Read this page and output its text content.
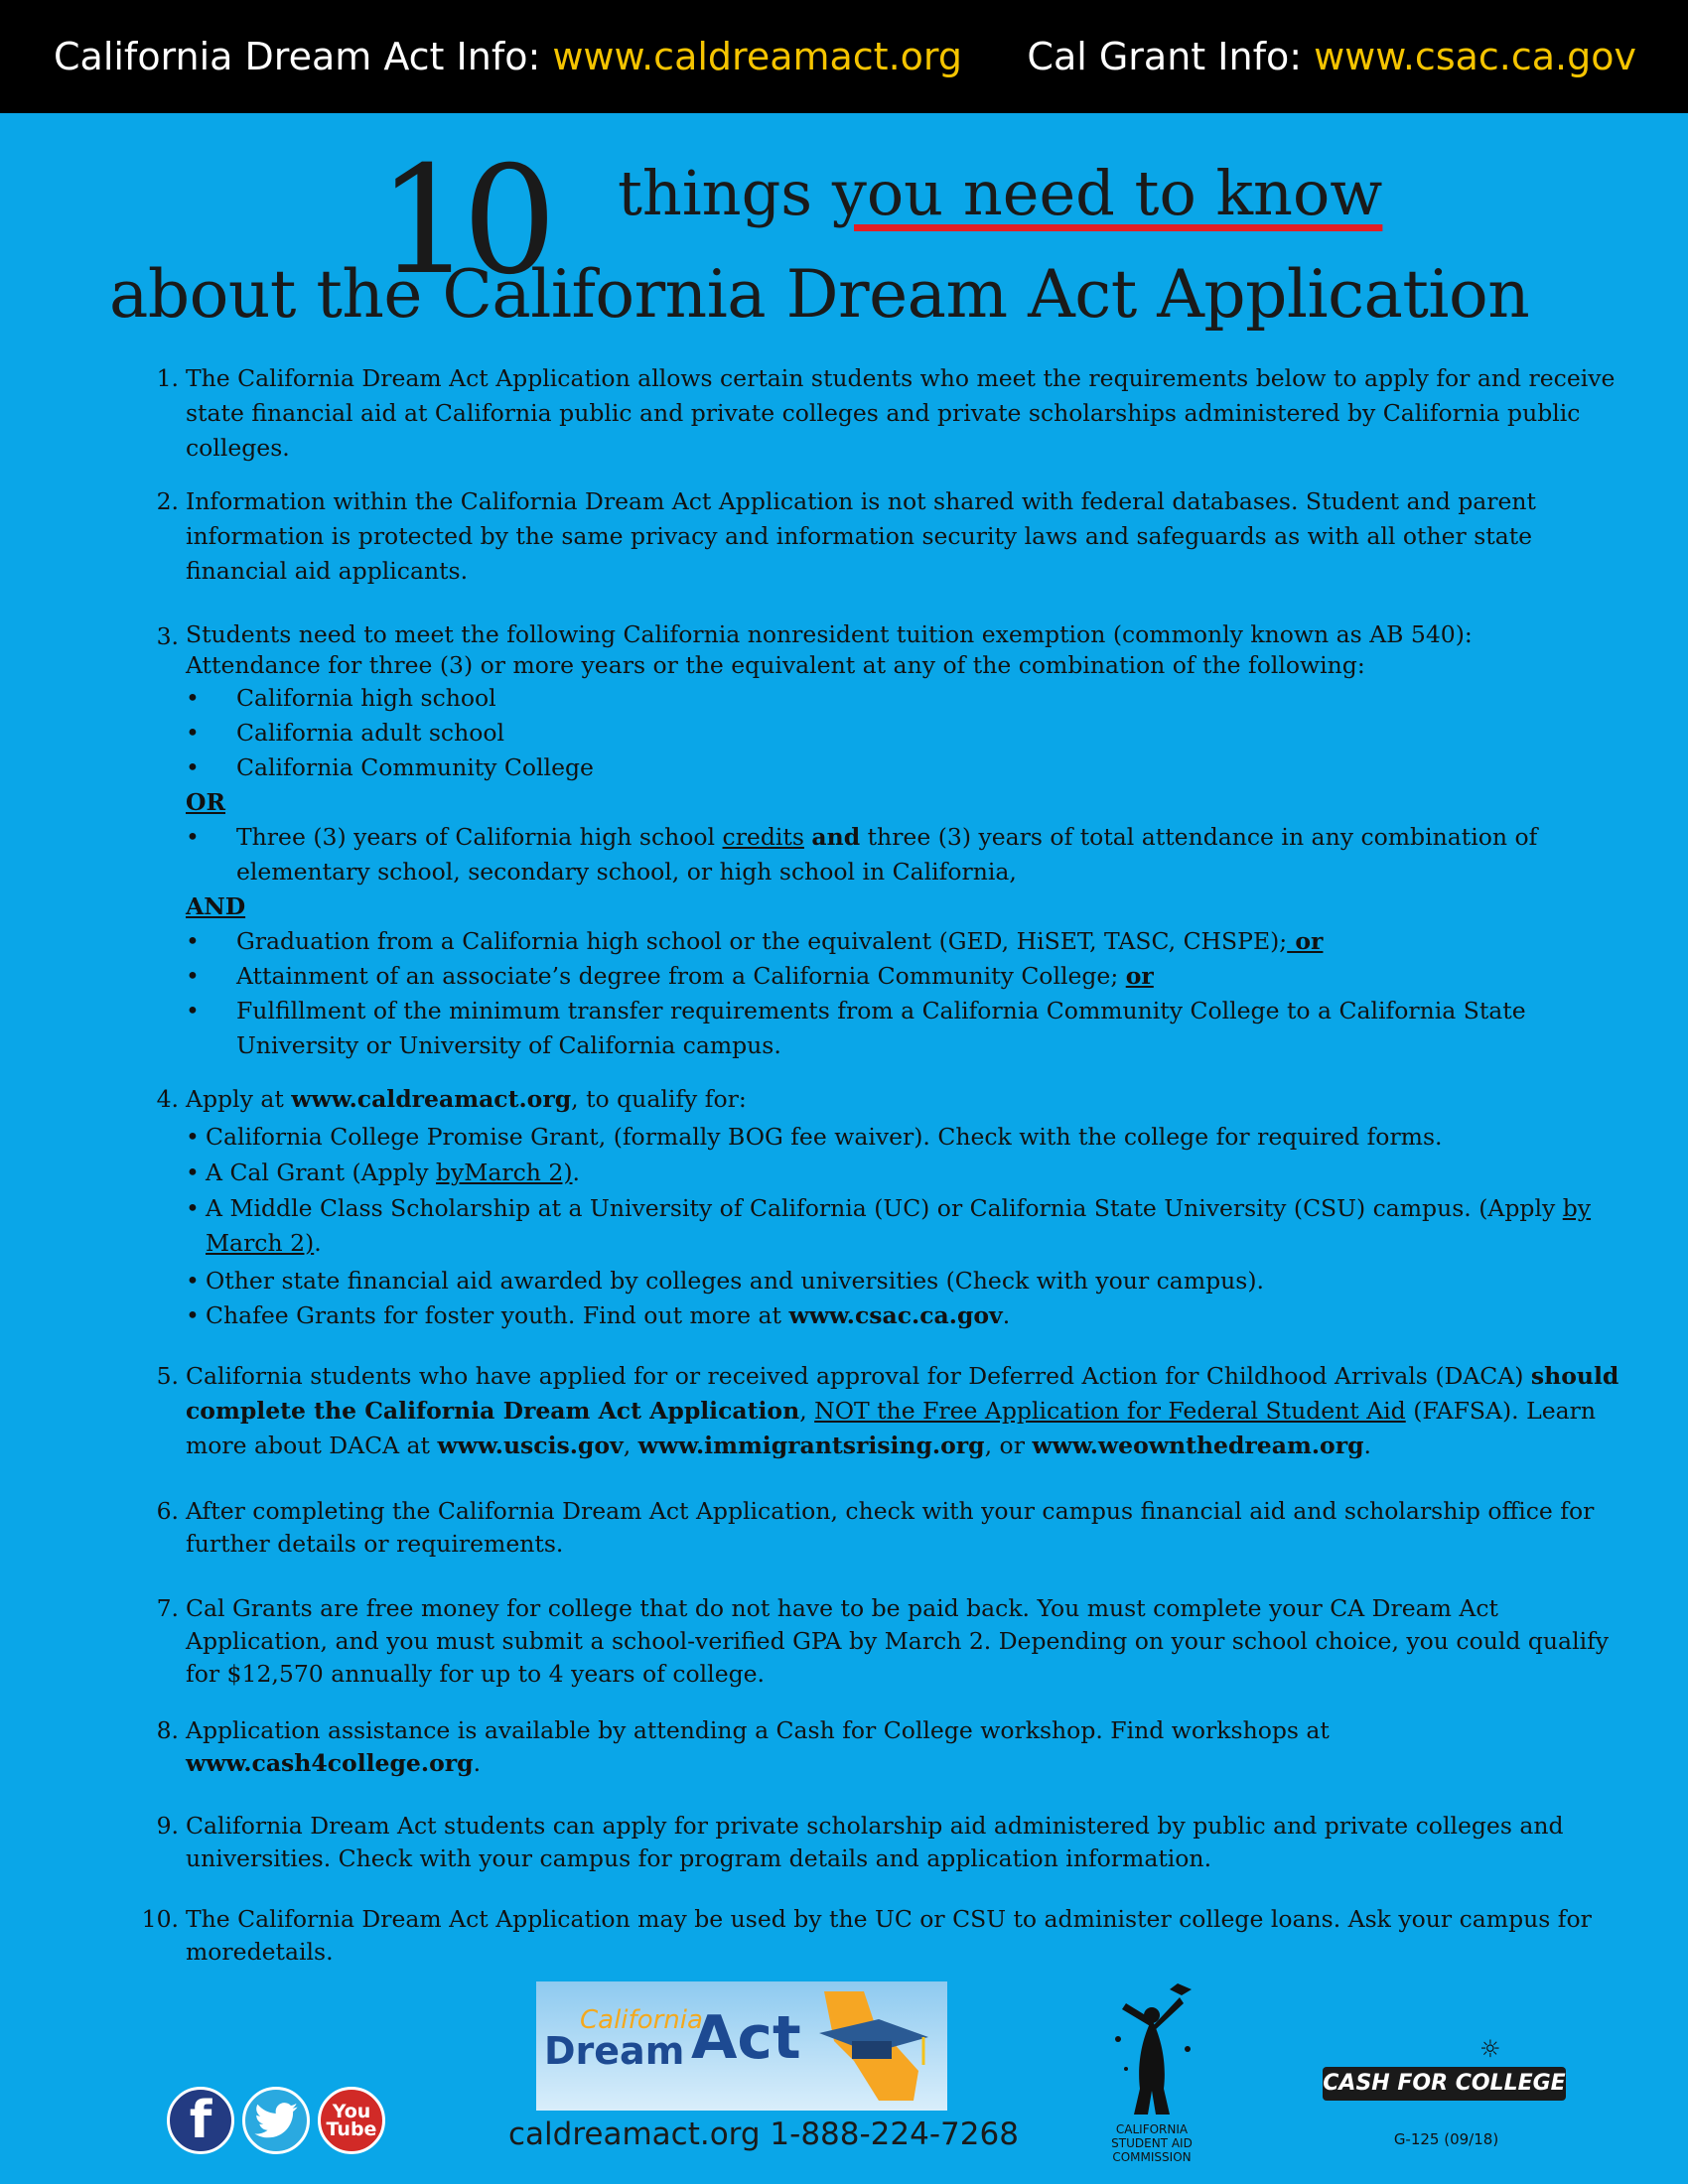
California Dream Act Info: www.caldreamact.org Cal Grant Info: www.csac.ca.gov
10 things you need to know
about the California Dream Act Application
1. The California Dream Act Application allows certain students who meet the requirements below to apply for and receive state financial aid at California public and private colleges and private scholarships administered by California public colleges.
2. Information within the California Dream Act Application is not shared with federal databases. Student and parent information is protected by the same privacy and information security laws and safeguards as with all other state financial aid applicants.
3. Students need to meet the following California nonresident tuition exemption (commonly known as AB 540):
Attendance for three (3) or more years or the equivalent at any of the combination of the following:
• California high school
• California adult school
• California Community College
OR
• Three (3) years of California high school credits and three (3) years of total attendance in any combination of elementary school, secondary school, or high school in California,
AND
• Graduation from a California high school or the equivalent (GED, HiSET, TASC, CHSPE); or
• Attainment of an associate’s degree from a California Community College; or
• Fulfillment of the minimum transfer requirements from a California Community College to a California State University or University of California campus.
4. Apply at www.caldreamact.org, to qualify for:
• California College Promise Grant, (formally BOG fee waiver). Check with the college for required forms.
• A Cal Grant (Apply byMarch 2).
• A Middle Class Scholarship at a University of California (UC) or California State University (CSU) campus. (Apply by March 2).
• Other state financial aid awarded by colleges and universities (Check with your campus).
• Chafee Grants for foster youth. Find out more at www.csac.ca.gov.
5. California students who have applied for or received approval for Deferred Action for Childhood Arrivals (DACA) should complete the California Dream Act Application, NOT the Free Application for Federal Student Aid (FAFSA). Learn more about DACA at www.uscis.gov, www.immigrantsrising.org, or www.weownthedream.org.
6. After completing the California Dream Act Application, check with your campus financial aid and scholarship office for further details or requirements.
7. Cal Grants are free money for college that do not have to be paid back. You must complete your CA Dream Act Application, and you must submit a school-verified GPA by March 2. Depending on your school choice, you could qualify for $12,570 annually for up to 4 years of college.
8. Application assistance is available by attending a Cash for College workshop. Find workshops at www.cash4college.org.
9. California Dream Act students can apply for private scholarship aid administered by public and private colleges and universities. Check with your campus for program details and application information.
10. The California Dream Act Application may be used by the UC or CSU to administer college loans. Ask your campus for moredetails.
f	You
Tube
California
Dream Act
caldreamact.org 1-888-224-7268	CALIFORNIA
STUDENT AID
COMMISSION
☼
CASH FOR COLLEGE
G-125 (09/18)
